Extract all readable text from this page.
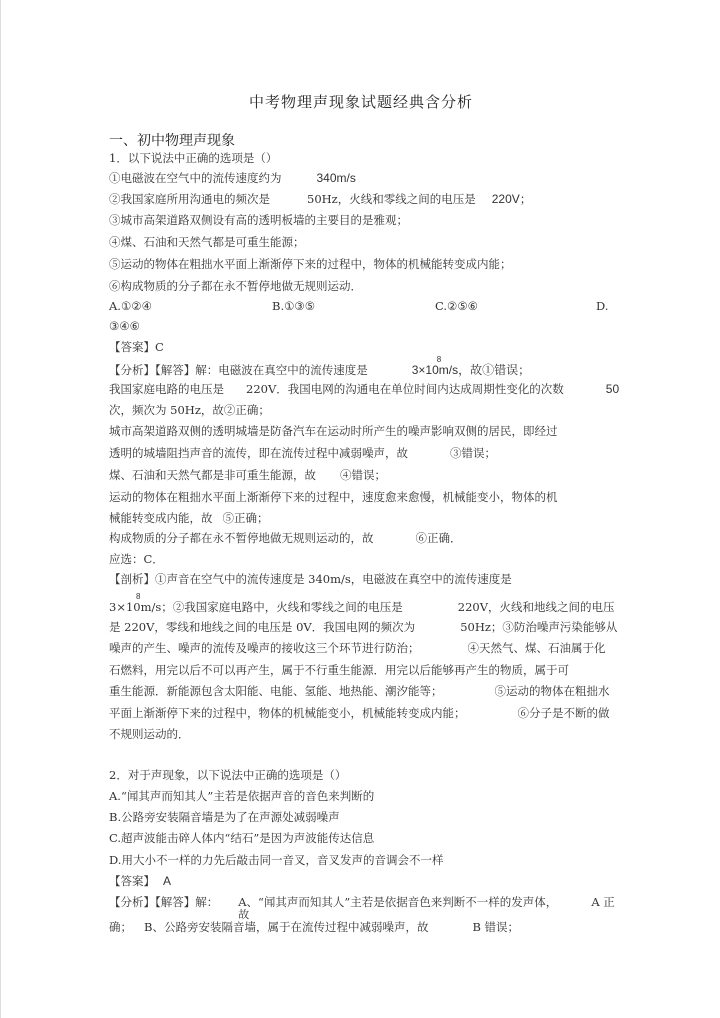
中考物理声现象试题经典含分析
一、初中物理声现象
1．以下说法中正确的选项是（）
①电磁波在空气中的流传速度约为	340m/s
②我国家庭所用沟通电的频次是	50Hz，火线和零线之间的电压是 220V；
③城市高架道路双侧设有高的透明板墙的主要目的是雅观；
④煤、石油和天然气都是可重生能源；
⑤运动的物体在粗拙水平面上渐渐停下来的过程中，物体的机械能转变成内能；
⑥构成物质的分子都在永不暂停地做无规则运动．
A.①②④	B.①③⑤	C.②⑤⑥	D.
③④⑥
【答案】C
【分析】【解答】解：电磁波在真空中的流传速度是
8
3×10m/s，故①错误；
我国家庭电路的电压是 220V．我国电网的沟通电在单位时间内达成周期性变化的次数	50
次，频次为 50Hz，故②正确；
城市高架道路双侧的透明城墙是防备汽车在运动时所产生的噪声影响双侧的居民，即经过
透明的城墙阻挡声音的流传，即在流传过程中减弱噪声，故	③错误；
煤、石油和天然气都是非可重生能源，故 ④错误；
运动的物体在粗拙水平面上渐渐停下来的过程中，速度愈来愈慢，机械能变小，物体的机
械能转变成内能，故 ⑤正确；
构成物质的分子都在永不暂停地做无规则运动的，故	⑥正确．
应选：C．
【剖析】①声音在空气中的流传速度是 340m/s，电磁波在真空中的流传速度是
8
3×10m/s；②我国家庭电路中，火线和零线之间的电压是	220V，火线和地线之间的电压
是 220V，零线和地线之间的电压是 0V．我国电网的频次为	50Hz；③防治噪声污染能够从
噪声的产生、噪声的流传及噪声的接收这三个环节进行防治；	④天然气、煤、石油属于化
石燃料，用完以后不可以再产生，属于不行重生能源．用完以后能够再产生的物质，属于可
重生能源．新能源包含太阳能、电能、氢能、地热能、潮汐能等；	⑤运动的物体在粗拙水
平面上渐渐停下来的过程中，物体的机械能变小，机械能转变成内能；	⑥分子是不断的做
不规则运动的．
2．对于声现象，以下说法中正确的选项是（）
A.“闻其声而知其人”主若是依据声音的音色来判断的
B.公路旁安装隔音墙是为了在声源处减弱噪声
C.超声波能击碎人体内“结石”是因为声波能传达信息
D.用大小不一样的力先后敲击同一音叉，音叉发声的音调会不一样
【答案】 A
【分析】【解答】解： A、“闻其声而知其人”主若是依据音色来判断不一样的发声体，
故
A 正
确； B、公路旁安装隔音墙，属于在流传过程中减弱噪声，故	B 错误；
